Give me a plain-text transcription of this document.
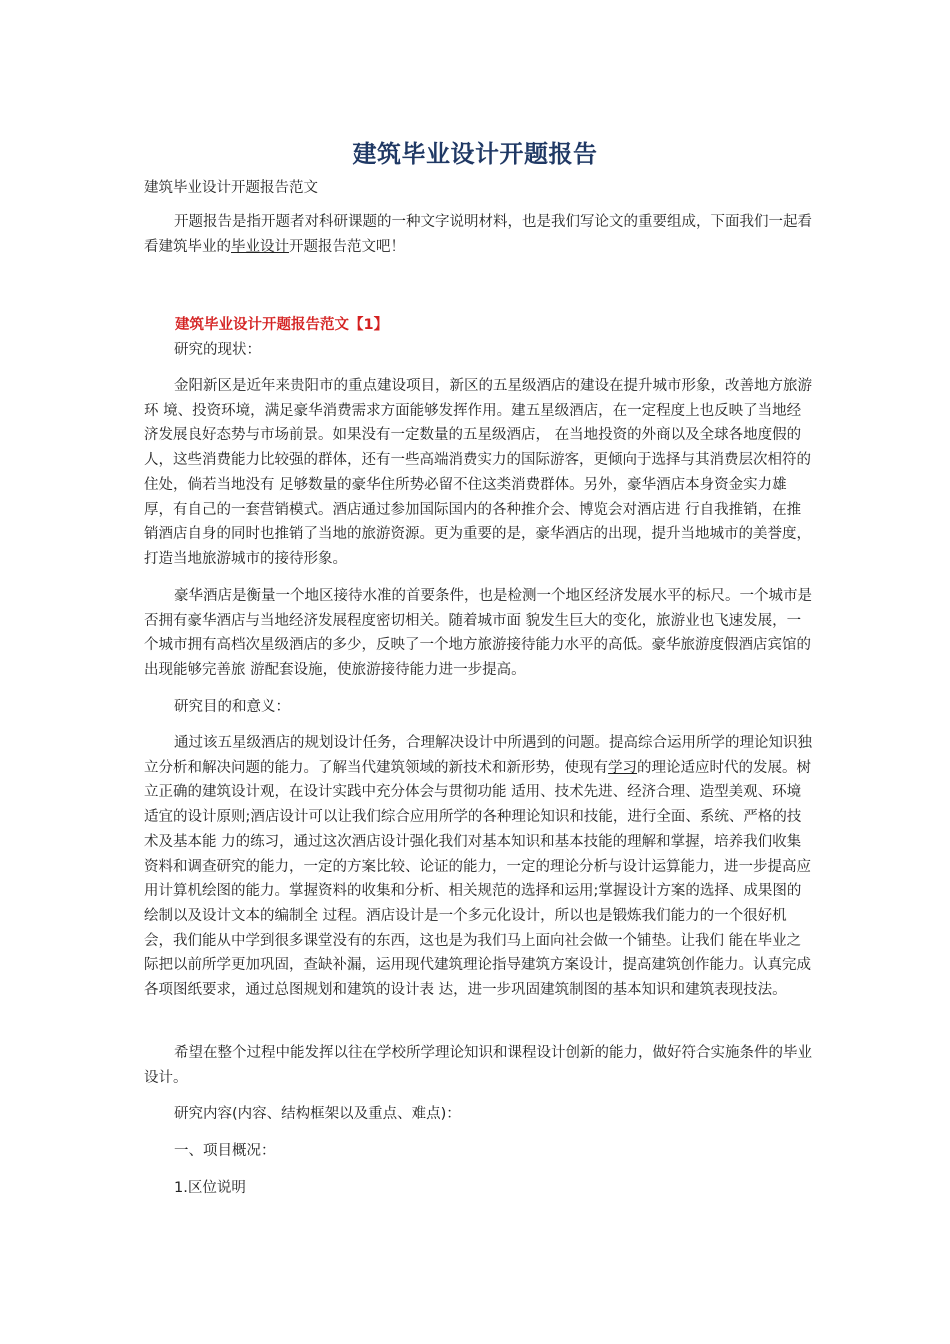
建筑毕业设计开题报告

建筑毕业设计开题报告范文

开题报告是指开题者对科研课题的一种文字说明材料，也是我们写论文的重要组成，下面我们一起看看建筑毕业的毕业设计开题报告范文吧！

建筑毕业设计开题报告范文【1】

研究的现状：

金阳新区是近年来贵阳市的重点建设项目，新区的五星级酒店的建设在提升城市形象，改善地方旅游环 境、投资环境，满足豪华消费需求方面能够发挥作用。建五星级酒店，在一定程度上也反映了当地经济发展良好态势与市场前景。如果没有一定数量的五星级酒店， 在当地投资的外商以及全球各地度假的人，这些消费能力比较强的群体，还有一些高端消费实力的国际游客，更倾向于选择与其消费层次相符的住处，倘若当地没有 足够数量的豪华住所势必留不住这类消费群体。另外，豪华酒店本身资金实力雄厚，有自己的一套营销模式。酒店通过参加国际国内的各种推介会、博览会对酒店进 行自我推销，在推销酒店自身的同时也推销了当地的旅游资源。更为重要的是，豪华酒店的出现，提升当地城市的美誉度，打造当地旅游城市的接待形象。

豪华酒店是衡量一个地区接待水准的首要条件，也是检测一个地区经济发展水平的标尺。一个城市是否拥有豪华酒店与当地经济发展程度密切相关。随着城市面 貌发生巨大的变化，旅游业也飞速发展，一个城市拥有高档次星级酒店的多少，反映了一个地方旅游接待能力水平的高低。豪华旅游度假酒店宾馆的出现能够完善旅 游配套设施，使旅游接待能力进一步提高。

研究目的和意义：

通过该五星级酒店的规划设计任务，合理解决设计中所遇到的问题。提高综合运用所学的理论知识独 立分析和解决问题的能力。了解当代建筑领域的新技术和新形势，使现有学习的理论适应时代的发展。树立正确的建筑设计观，在设计实践中充分体会与贯彻功能 适用、技术先进、经济合理、造型美观、环境适宜的设计原则;酒店设计可以让我们综合应用所学的各种理论知识和技能，进行全面、系统、严格的技术及基本能 力的练习，通过这次酒店设计强化我们对基本知识和基本技能的理解和掌握，培养我们收集资料和调查研究的能力，一定的方案比较、论证的能力，一定的理论分析与设计运算能力，进一步提高应用计算机绘图的能力。掌握资料的收集和分析、相关规范的选择和运用;掌握设计方案的选择、成果图的绘制以及设计文本的编制全 过程。酒店设计是一个多元化设计，所以也是锻炼我们能力的一个很好机会，我们能从中学到很多课堂没有的东西，这也是为我们马上面向社会做一个铺垫。让我们 能在毕业之际把以前所学更加巩固，查缺补漏，运用现代建筑理论指导建筑方案设计，提高建筑创作能力。认真完成各项图纸要求，通过总图规划和建筑的设计表 达，进一步巩固建筑制图的基本知识和建筑表现技法。

希望在整个过程中能发挥以往在学校所学理论知识和课程设计创新的能力，做好符合实施条件的毕业设计。

研究内容(内容、结构框架以及重点、难点)：

一、项目概况：

1.区位说明
